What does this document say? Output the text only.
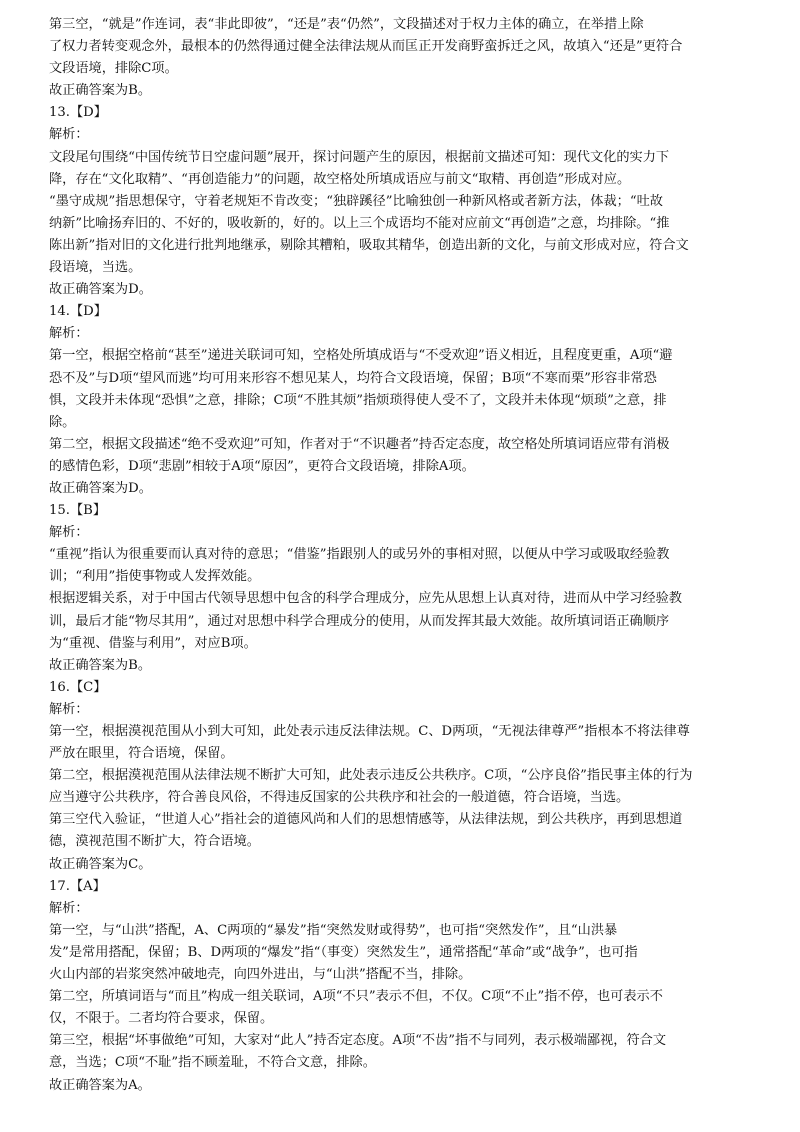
第三空，“就是”作连词，表“非此即彼”，“还是”表“仍然”，文段描述对于权力主体的确立，在举措上除
了权力者转变观念外，最根本的仍然得通过健全法律法规从而匡正开发商野蛮拆迁之风，故填入“还是”更符合
文段语境，排除C项。
故正确答案为B。
13.【D】
解析：
文段尾句围绕“中国传统节日空虚问题”展开，探讨问题产生的原因，根据前文描述可知：现代文化的实力下
降，存在“文化取精”、“再创造能力”的问题，故空格处所填成语应与前文“取精、再创造”形成对应。
“墨守成规”指思想保守，守着老规矩不肯改变；“独辟蹊径”比喻独创一种新风格或者新方法，体裁；“吐故
纳新”比喻扬弃旧的、不好的，吸收新的，好的。以上三个成语均不能对应前文“再创造”之意，均排除。“推
陈出新”指对旧的文化进行批判地继承，剔除其糟粕，吸取其精华，创造出新的文化，与前文形成对应，符合文
段语境，当选。
故正确答案为D。
14.【D】
解析：
第一空，根据空格前“甚至”递进关联词可知，空格处所填成语与“不受欢迎”语义相近，且程度更重，A项“避
恐不及”与D项“望风而逃”均可用来形容不想见某人，均符合文段语境，保留；B项“不寒而栗”形容非常恐
惧，文段并未体现“恐惧”之意，排除；C项“不胜其烦”指烦琐得使人受不了，文段并未体现“烦琐”之意，排
除。
第二空，根据文段描述“绝不受欢迎”可知，作者对于“不识趣者”持否定态度，故空格处所填词语应带有消极
的感情色彩，D项“悲剧”相较于A项“原因”，更符合文段语境，排除A项。
故正确答案为D。
15.【B】
解析：
“重视”指认为很重要而认真对待的意思；“借鉴”指跟别人的或另外的事相对照，以便从中学习或吸取经验教
训；“利用”指使事物或人发挥效能。
根据逻辑关系，对于中国古代领导思想中包含的科学合理成分，应先从思想上认真对待，进而从中学习经验教
训，最后才能“物尽其用”，通过对思想中科学合理成分的使用，从而发挥其最大效能。故所填词语正确顺序
为“重视、借鉴与利用”，对应B项。
故正确答案为B。
16.【C】
解析：
第一空，根据漠视范围从小到大可知，此处表示违反法律法规。C、D两项，“无视法律尊严”指根本不将法律尊
严放在眼里，符合语境，保留。
第二空，根据漠视范围从法律法规不断扩大可知，此处表示违反公共秩序。C项，“公序良俗”指民事主体的行为
应当遵守公共秩序，符合善良风俗，不得违反国家的公共秩序和社会的一般道德，符合语境，当选。
第三空代入验证，“世道人心”指社会的道德风尚和人们的思想情感等，从法律法规，到公共秩序，再到思想道
德，漠视范围不断扩大，符合语境。
故正确答案为C。
17.【A】
解析：
第一空，与“山洪”搭配，A、C两项的“暴发”指“突然发财或得势”，也可指“突然发作”，且“山洪暴
发”是常用搭配，保留；B、D两项的“爆发”指“（事变）突然发生”，通常搭配“革命”或“战争”，也可指
火山内部的岩浆突然冲破地壳，向四外进出，与“山洪”搭配不当，排除。
第二空，所填词语与“而且”构成一组关联词，A项“不只”表示不但，不仅。C项“不止”指不停，也可表示不
仅，不限于。二者均符合要求，保留。
第三空，根据“坏事做绝”可知，大家对“此人”持否定态度。A项“不齿”指不与同列，表示极端鄙视，符合文
意，当选；C项“不耻”指不顾羞耻，不符合文意，排除。
故正确答案为A。
